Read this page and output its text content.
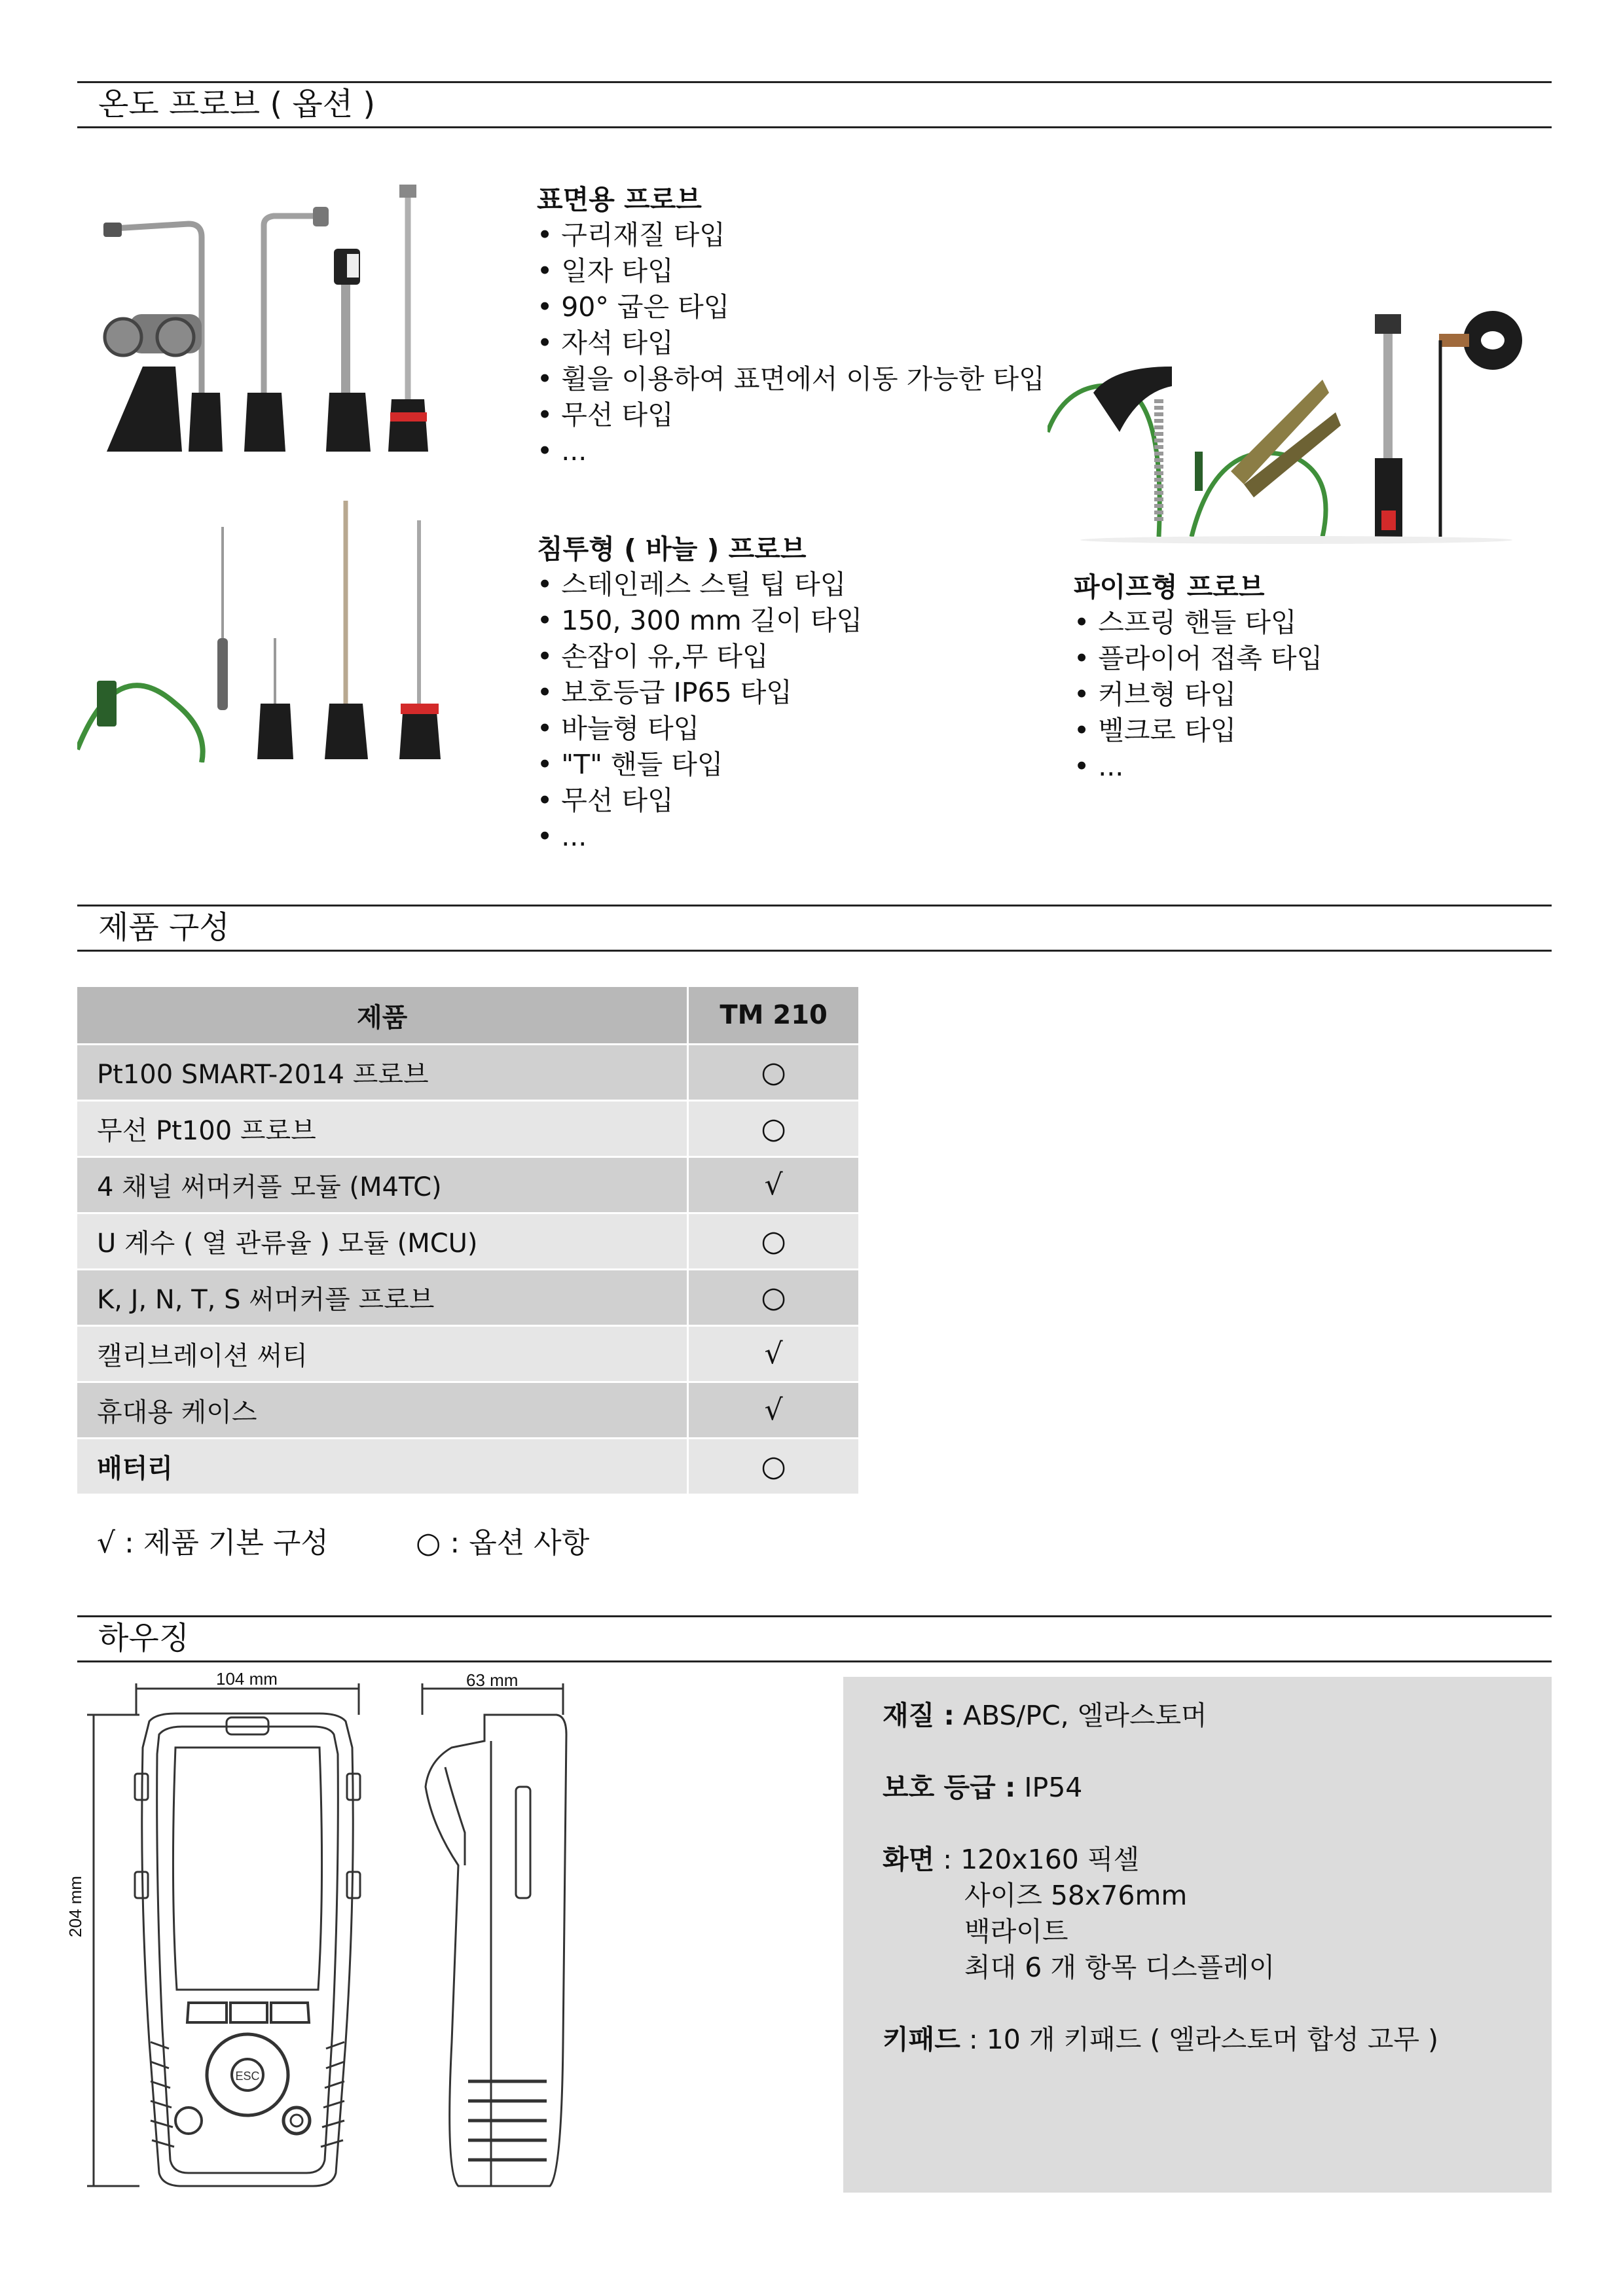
온도 프로브 ( 옵션 )

표면용 프로브

• 구리재질 타입
• 일자 타입
• 90° 굽은 타입
• 자석 타입
• 휠을 이용하여 표면에서 이동 가능한 타입
• 무선 타입
• ...

침투형 ( 바늘 ) 프로브

• 스테인레스 스틸 팁 타입
• 150, 300 mm 길이 타입
• 손잡이 유,무 타입
• 보호등급 IP65 타입
• 바늘형 타입
• "T" 핸들 타입
• 무선 타입
• ...

파이프형 프로브

• 스프링 핸들 타입
• 플라이어 접촉 타입
• 커브형 타입
• 벨크로 타입
• ...
제품 구성
제품	TM 210
Pt100 SMART-2014 프로브	○
무선 Pt100 프로브	○
4 채널 써머커플 모듈 (M4TC)	√
U 계수 ( 열 관류율 ) 모듈 (MCU)	○
K, J, N, T, S 써머커플 프로브	○
캘리브레이션 써티	√
휴대용 케이스	√
배터리	○
√ : 제품 기본 구성	○ : 옵션 사항
하우징
104 mm	63 mm
204 mm
ESC
재질 : ABS/PC, 엘라스토머
보호 등급 : IP54
화면 : 120x160 픽셀
사이즈 58x76mm
백라이트
최대 6 개 항목 디스플레이
키패드 : 10 개 키패드 ( 엘라스토머 합성 고무 )
